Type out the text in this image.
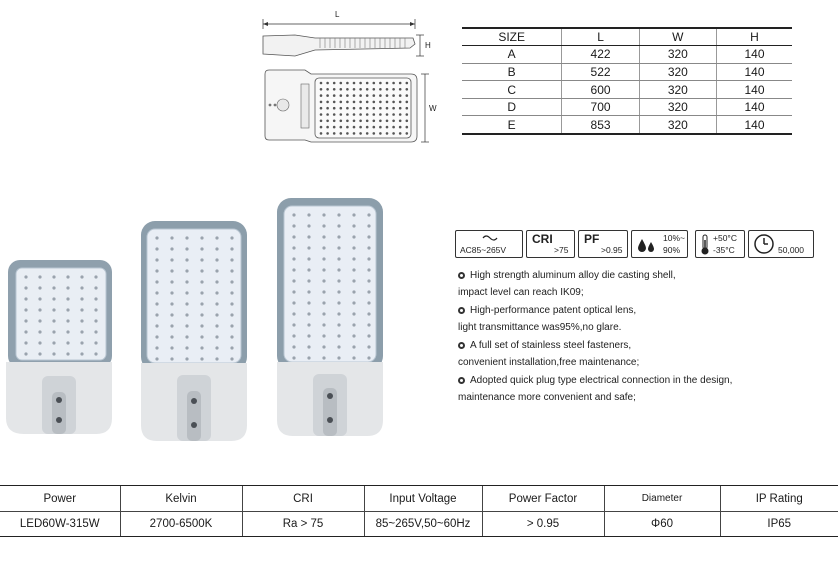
L
H
W
SIZE	L	W	H
A	422	320	140
B	522	320	140
C	600	320	140
D	700	320	140
E	853	320	140
AC85~265V
CRI
>75
PF
>0.95
10%~
90%
+50°C
-35°C	50,000
High strength aluminum alloy die casting shell,
impact level can reach IK09;
High-performance patent optical lens,
light transmittance was95%,no glare.
A full set of stainless steel fasteners,
convenient installation,free maintenance;
Adopted quick plug type electrical connection in the design,
maintenance more convenient and safe;
Power	Kelvin	CRI	Input Voltage	Power Factor	Diameter	IP Rating
LED60W-315W	2700-6500K	Ra > 75	85~265V,50~60Hz	> 0.95	Φ60	IP65
